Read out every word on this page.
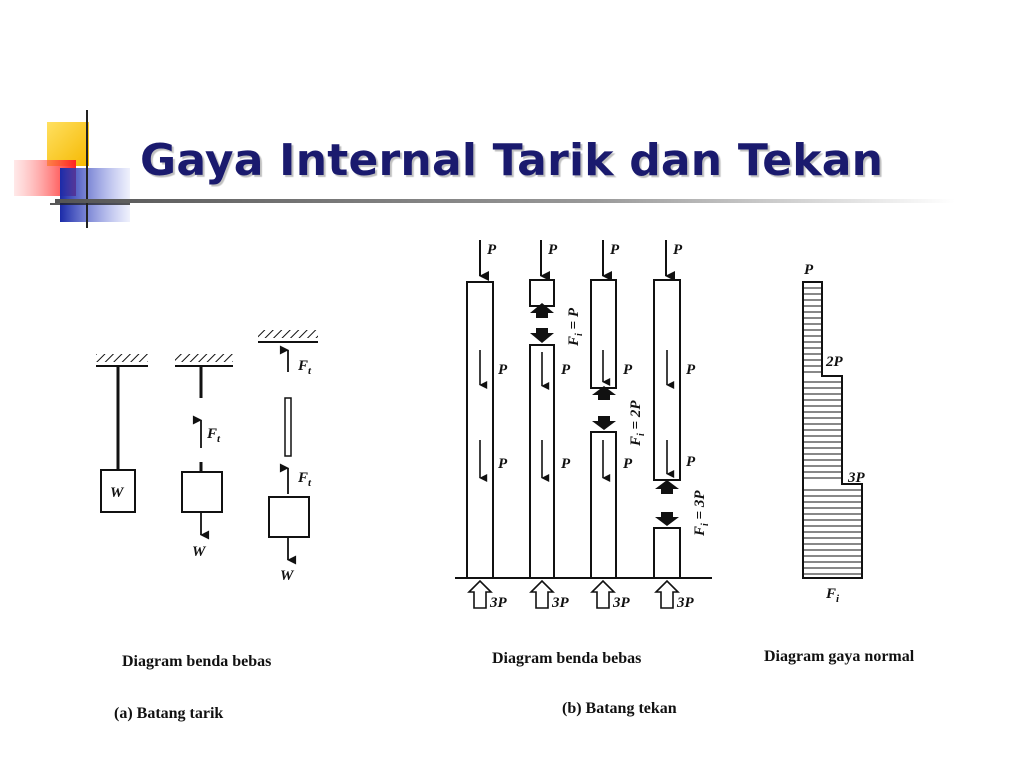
Gaya Internal Tarik dan Tekan
W
$F_t$
W
$F_t$
$F_t$
W
Diagram benda bebas
(a) Batang tarik
P
P
P
P
P
P
$F_i = P$
P
P
P
$F_i = 2P$
P
P
P
$F_i = 3P$
3P	3P	3P	3P
Diagram benda bebas
(b) Batang tekan
P
2P
3P
$F_i$
Diagram gaya normal
